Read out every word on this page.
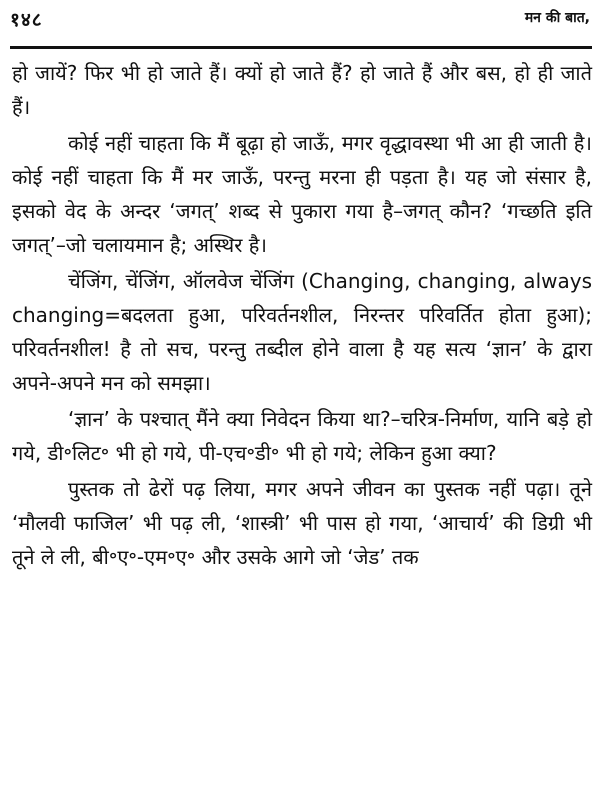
१४८	मन की बात,

हो जायें? फिर भी हो जाते हैं। क्यों हो जाते हैं? हो जाते हैं और बस, हो ही जाते हैं।

कोई नहीं चाहता कि मैं बूढ़ा हो जाऊँ, मगर वृद्धावस्था भी आ ही जाती है। कोई नहीं चाहता कि मैं मर जाऊँ, परन्तु मरना ही पड़ता है। यह जो संसार है, इसको वेद के अन्दर ‘जगत्’ शब्द से पुकारा गया है–जगत् कौन? ‘गच्छति इति जगत्’–जो चलायमान है; अस्थिर है।

चेंजिंग, चेंजिंग, ऑलवेज चेंजिंग (Changing, changing, always changing=बदलता हुआ, परिवर्तनशील, निरन्तर परिवर्तित होता हुआ); परिवर्तनशील! है तो सच, परन्तु तब्दील होने वाला है यह सत्य ‘ज्ञान’ के द्वारा अपने-अपने मन को समझा।

‘ज्ञान’ के पश्चात् मैंने क्या निवेदन किया था?–चरित्र-निर्माण, यानि बड़े हो गये, डी॰लिट॰ भी हो गये, पी-एच॰डी॰ भी हो गये; लेकिन हुआ क्या?

पुस्तक तो ढेरों पढ़ लिया, मगर अपने जीवन का पुस्तक नहीं पढ़ा। तूने ‘मौलवी फाजिल’ भी पढ़ ली, ‘शास्त्री’ भी पास हो गया, ‘आचार्य’ की डिग्री भी तूने ले ली, बी॰ए॰-एम॰ए॰ और उसके आगे जो ‘जेड’ तक
